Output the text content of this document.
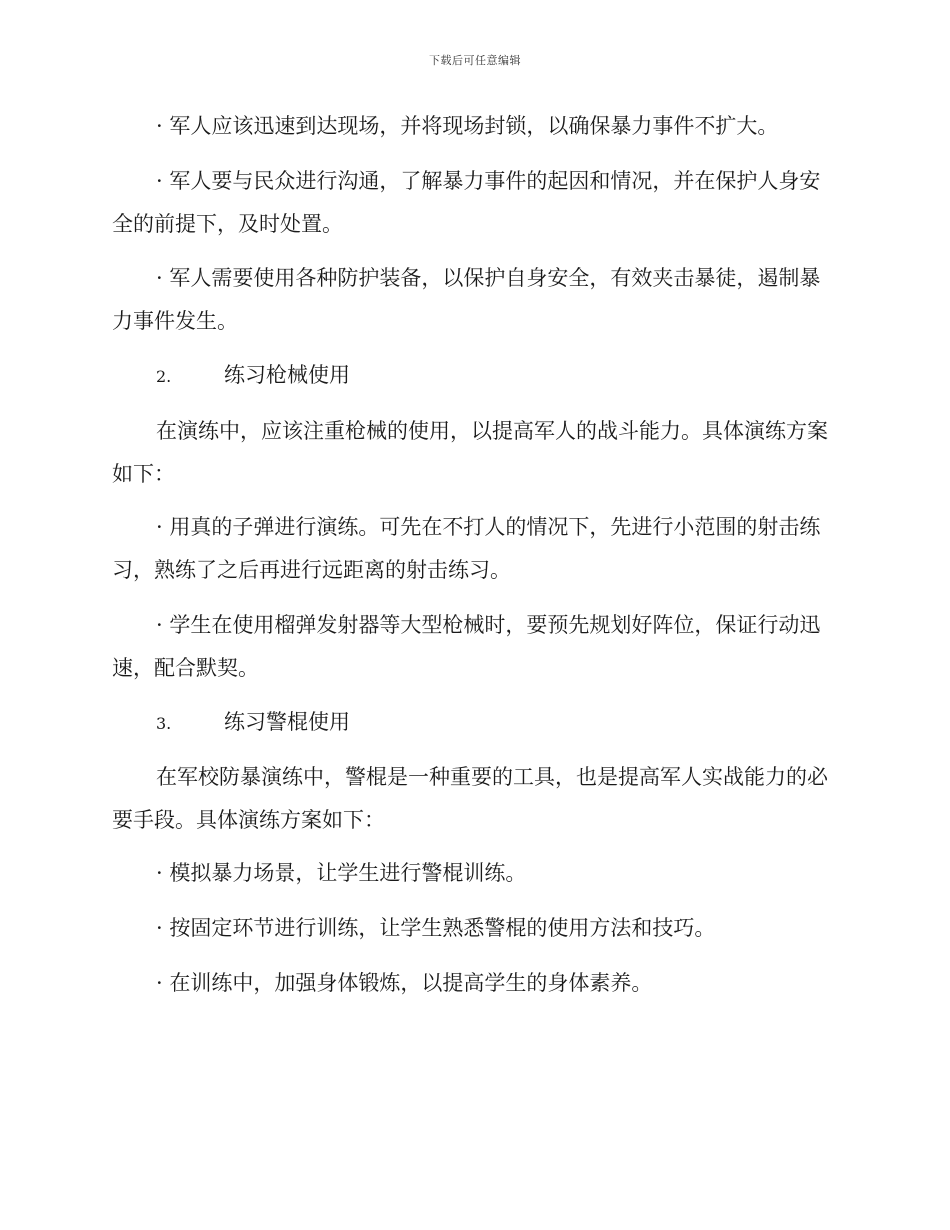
下载后可任意编辑

· 军人应该迅速到达现场，并将现场封锁，以确保暴力事件不扩大。

· 军人要与民众进行沟通，了解暴力事件的起因和情况，并在保护人身安全的前提下，及时处置。

· 军人需要使用各种防护装备，以保护自身安全，有效夹击暴徒，遏制暴力事件发生。

2.	练习枪械使用

在演练中，应该注重枪械的使用，以提高军人的战斗能力。具体演练方案如下：

· 用真的子弹进行演练。可先在不打人的情况下，先进行小范围的射击练习，熟练了之后再进行远距离的射击练习。

· 学生在使用榴弹发射器等大型枪械时，要预先规划好阵位，保证行动迅速，配合默契。

3.	练习警棍使用

在军校防暴演练中，警棍是一种重要的工具，也是提高军人实战能力的必要手段。具体演练方案如下：

· 模拟暴力场景，让学生进行警棍训练。

· 按固定环节进行训练，让学生熟悉警棍的使用方法和技巧。

· 在训练中，加强身体锻炼，以提高学生的身体素养。
